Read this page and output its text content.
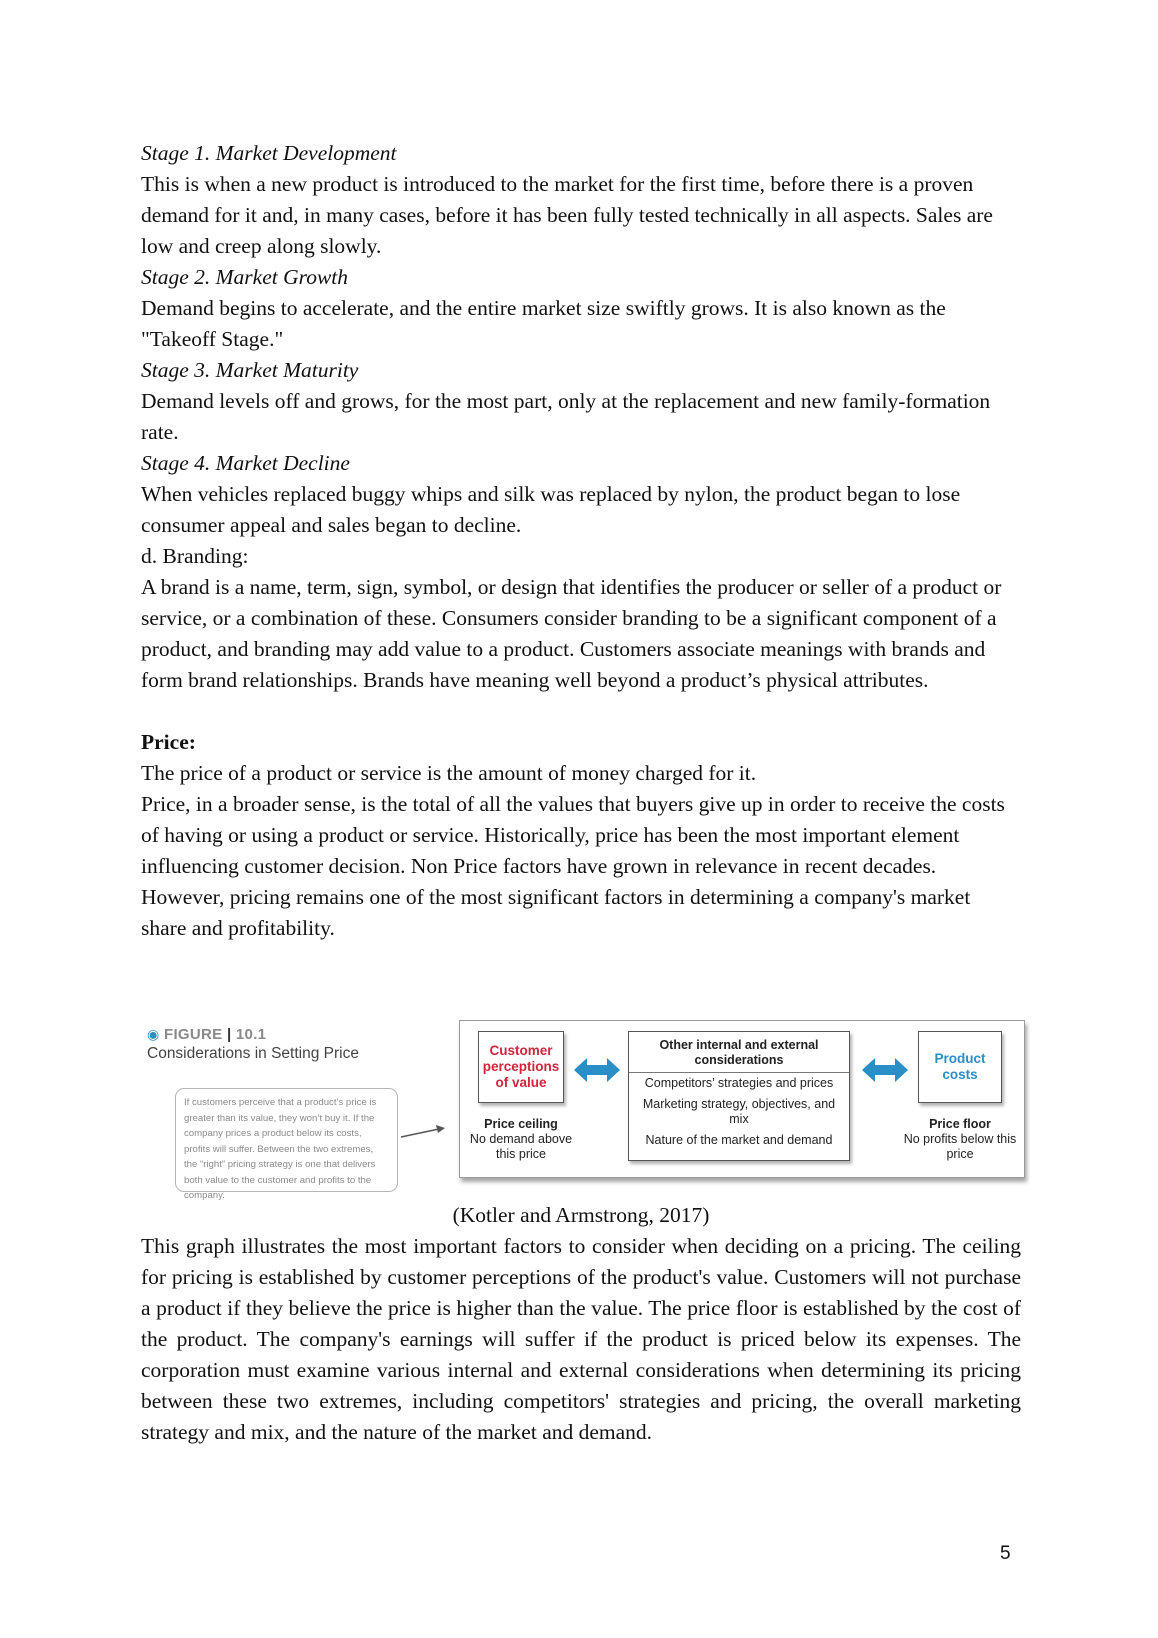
Stage 1. Market Development

This is when a new product is introduced to the market for the first time, before there is a proven demand for it and, in many cases, before it has been fully tested technically in all aspects. Sales are low and creep along slowly.

Stage 2. Market Growth

Demand begins to accelerate, and the entire market size swiftly grows. It is also known as the "Takeoff Stage."

Stage 3. Market Maturity

Demand levels off and grows, for the most part, only at the replacement and new family-formation rate.

Stage 4. Market Decline

When vehicles replaced buggy whips and silk was replaced by nylon, the product began to lose consumer appeal and sales began to decline.

d. Branding:

A brand is a name, term, sign, symbol, or design that identifies the producer or seller of a product or service, or a combination of these. Consumers consider branding to be a significant component of a product, and branding may add value to a product. Customers associate meanings with brands and form brand relationships. Brands have meaning well beyond a product’s physical attributes.

Price:

The price of a product or service is the amount of money charged for it.

Price, in a broader sense, is the total of all the values that buyers give up in order to receive the costs of having or using a product or service. Historically, price has been the most important element influencing customer decision. Non Price factors have grown in relevance in recent decades. However, pricing remains one of the most significant factors in determining a company's market share and profitability.

◉ FIGURE | 10.1
Considerations in Setting Price
If customers perceive that a product’s price is greater than its value, they won’t buy it. If the company prices a product below its costs, profits will suffer. Between the two extremes, the “right” pricing strategy is one that delivers both value to the customer and profits to the company.
Customer perceptions of value
Other internal and external considerations
Competitors’ strategies and prices
Marketing strategy, objectives, and mix
Nature of the market and demand
Product costs
Price ceiling
No demand above this price
Price floor
No profits below this price
(Kotler and Armstrong, 2017)
This graph illustrates the most important factors to consider when deciding on a pricing. The ceiling for pricing is established by customer perceptions of the product's value. Customers will not purchase a product if they believe the price is higher than the value. The price floor is established by the cost of the product. The company's earnings will suffer if the product is priced below its expenses. The corporation must examine various internal and external considerations when determining its pricing between these two extremes, including competitors' strategies and pricing, the overall marketing strategy and mix, and the nature of the market and demand.
5
